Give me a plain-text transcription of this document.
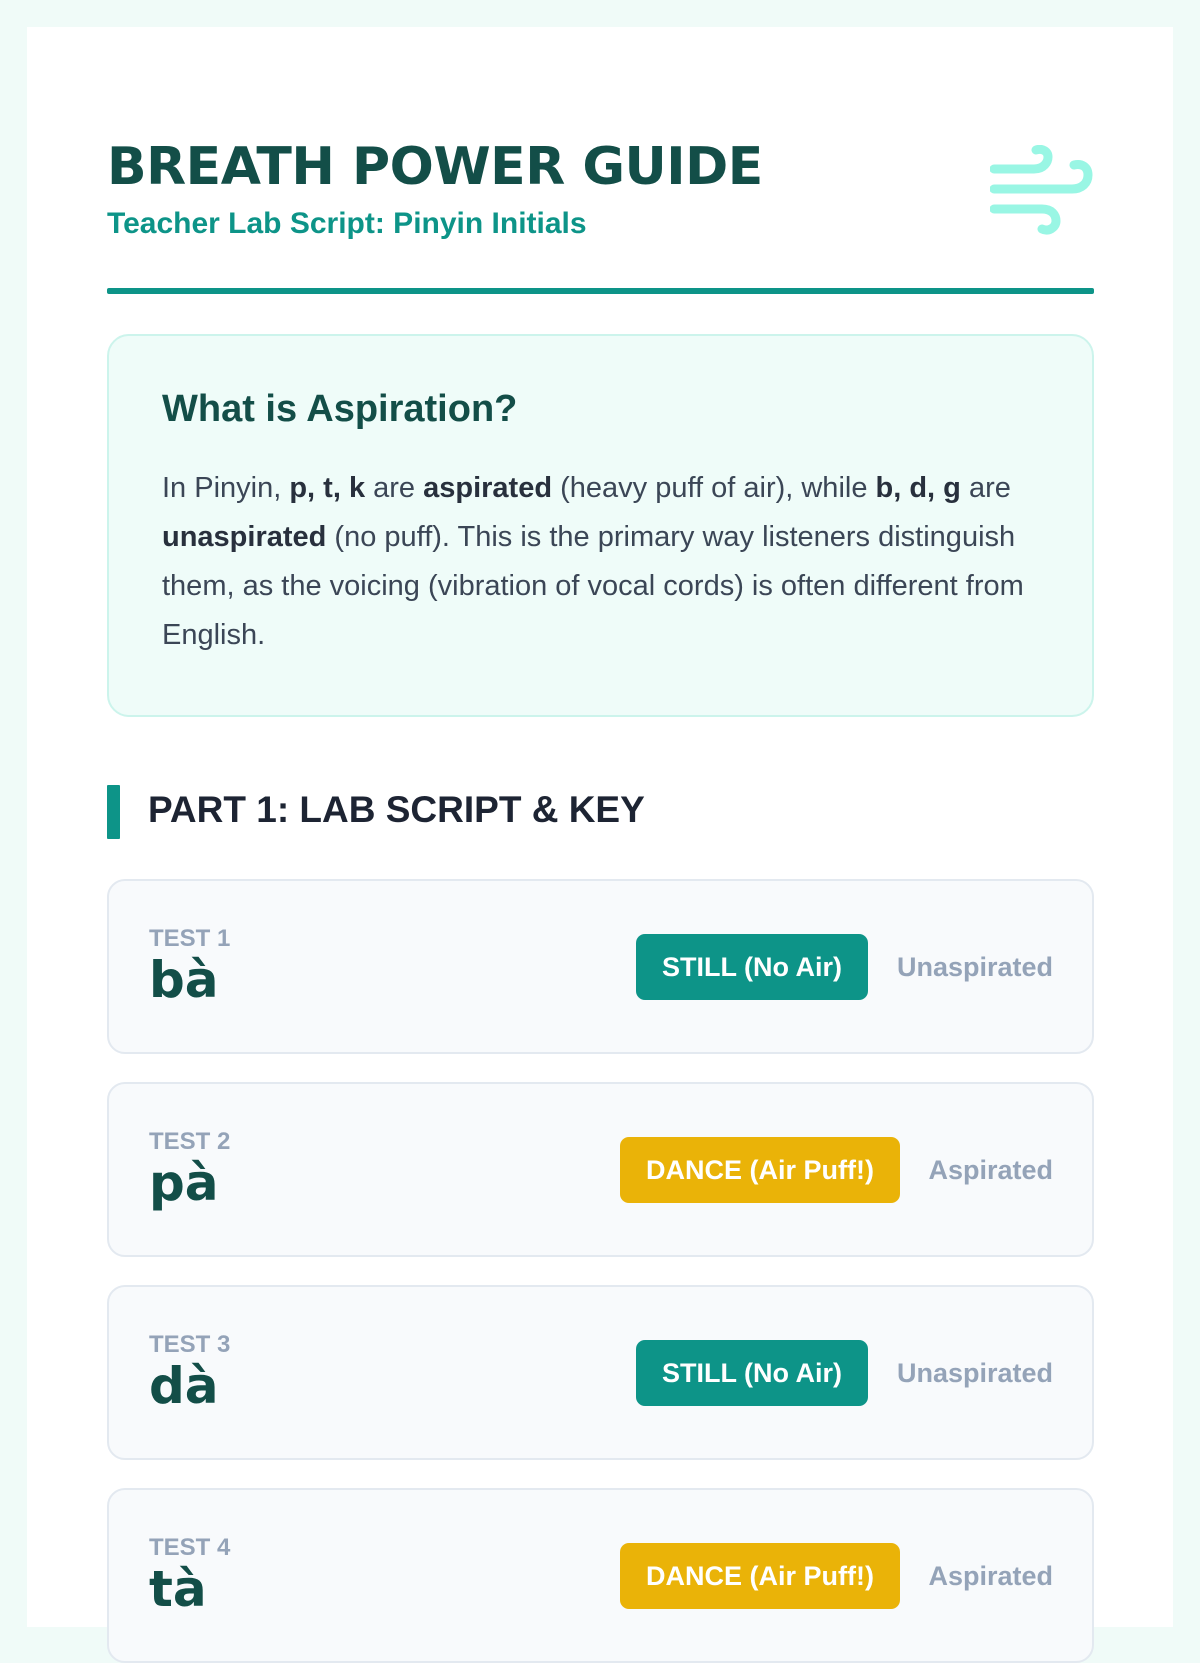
BREATH POWER GUIDE
Teacher Lab Script: Pinyin Initials
What is Aspiration?

In Pinyin, p, t, k are aspirated (heavy puff of air), while b, d, g are unaspirated (no puff). This is the primary way listeners distinguish them, as the voicing (vibration of vocal cords) is often different from English.

PART 1: LAB SCRIPT & KEY
TEST 1
bà	STILL (No Air)	Unaspirated
TEST 2
pà	DANCE (Air Puff!)	Aspirated
TEST 3
dà	STILL (No Air)	Unaspirated
TEST 4
tà	DANCE (Air Puff!)	Aspirated
